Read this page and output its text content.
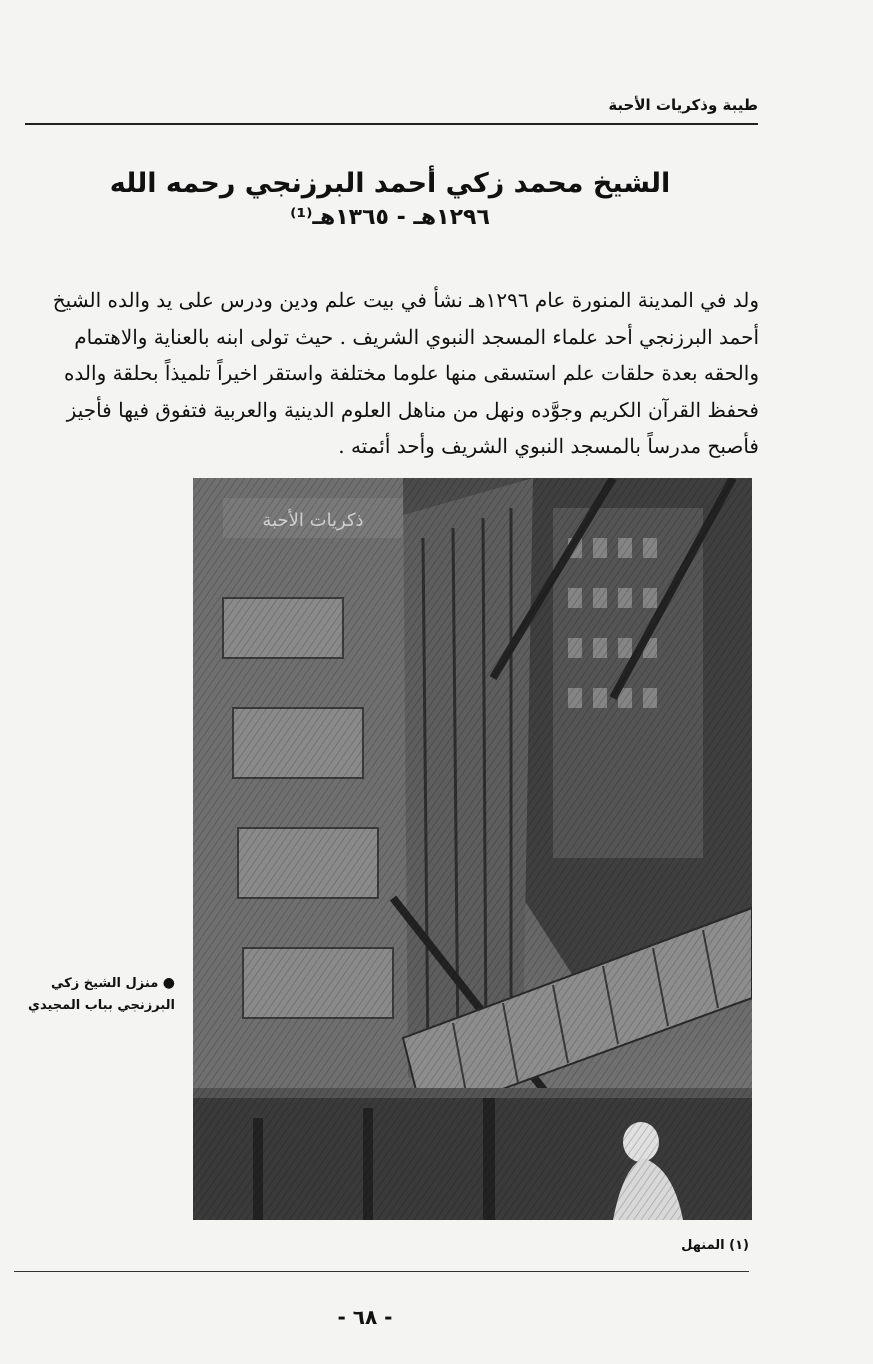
طيبة وذكريات الأحبة
الشيخ محمد زكي أحمد البرزنجي رحمه الله
١٢٩٦هـ - ١٣٦٥هـ⁽¹⁾
ولد في المدينة المنورة عام ١٢٩٦هـ نشأ في بيت علم ودين ودرس على يد والده الشيخ
أحمد البرزنجي أحد علماء المسجد النبوي الشريف . حيث تولى ابنه بالعناية والاهتمام
والحقه بعدة حلقات علم استسقى منها علوما مختلفة واستقر اخيراً تلميذاً بحلقة والده
فحفظ القرآن الكريم وجوَّده ونهل من مناهل العلوم الدينية والعربية فتفوق فيها فأجيز
فأصبح مدرساً بالمسجد النبوي الشريف وأحد أئمته .
ذكريات الأحبة
● منزل الشيخ زكي
البرزنجي بباب المجيدي
(١) المنهل
- ٦٨ -
